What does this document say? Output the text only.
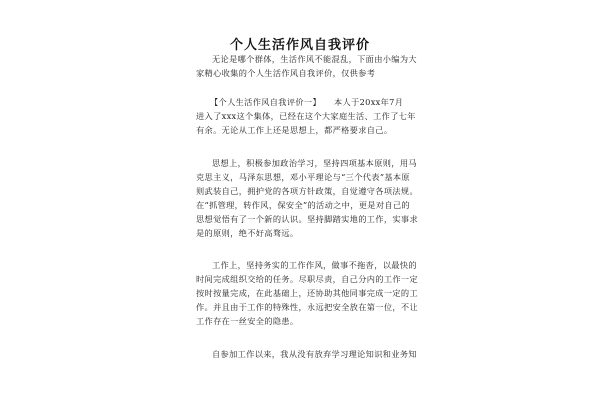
个人生活作风自我评价
无论是哪个群体，生活作风不能混乱，下面由小编为大
家精心收集的个人生活作风自我评价，仅供参考
【个人生活作风自我评价一】　　本人于20xx年7月
进入了xxx这个集体，已经在这个大家庭生活、工作了七年
有余。无论从工作上还是思想上，都严格要求自己。
思想上，积极参加政治学习，坚持四项基本原则，用马
克思主义，马泽东思想，邓小平理论与“三个代表”基本原
则武装自己，拥护党的各项方针政策，自觉遵守各项法规。
在“抓管理，转作风，保安全”的活动之中，更是对自己的
思想觉悟有了一个新的认识。坚持脚踏实地的工作，实事求
是的原则，绝不好高骛远。
工作上，坚持务实的工作作风，做事不拖沓，以最快的
时间完成组织交给的任务。尽职尽责，自己分内的工作一定
按时按量完成，在此基础上，还协助其他同事完成一定的工
作。并且由于工作的特殊性，永远把安全放在第一位，不让
工作存在一丝安全的隐患。
自参加工作以来，我从没有放弃学习理论知识和业务知
